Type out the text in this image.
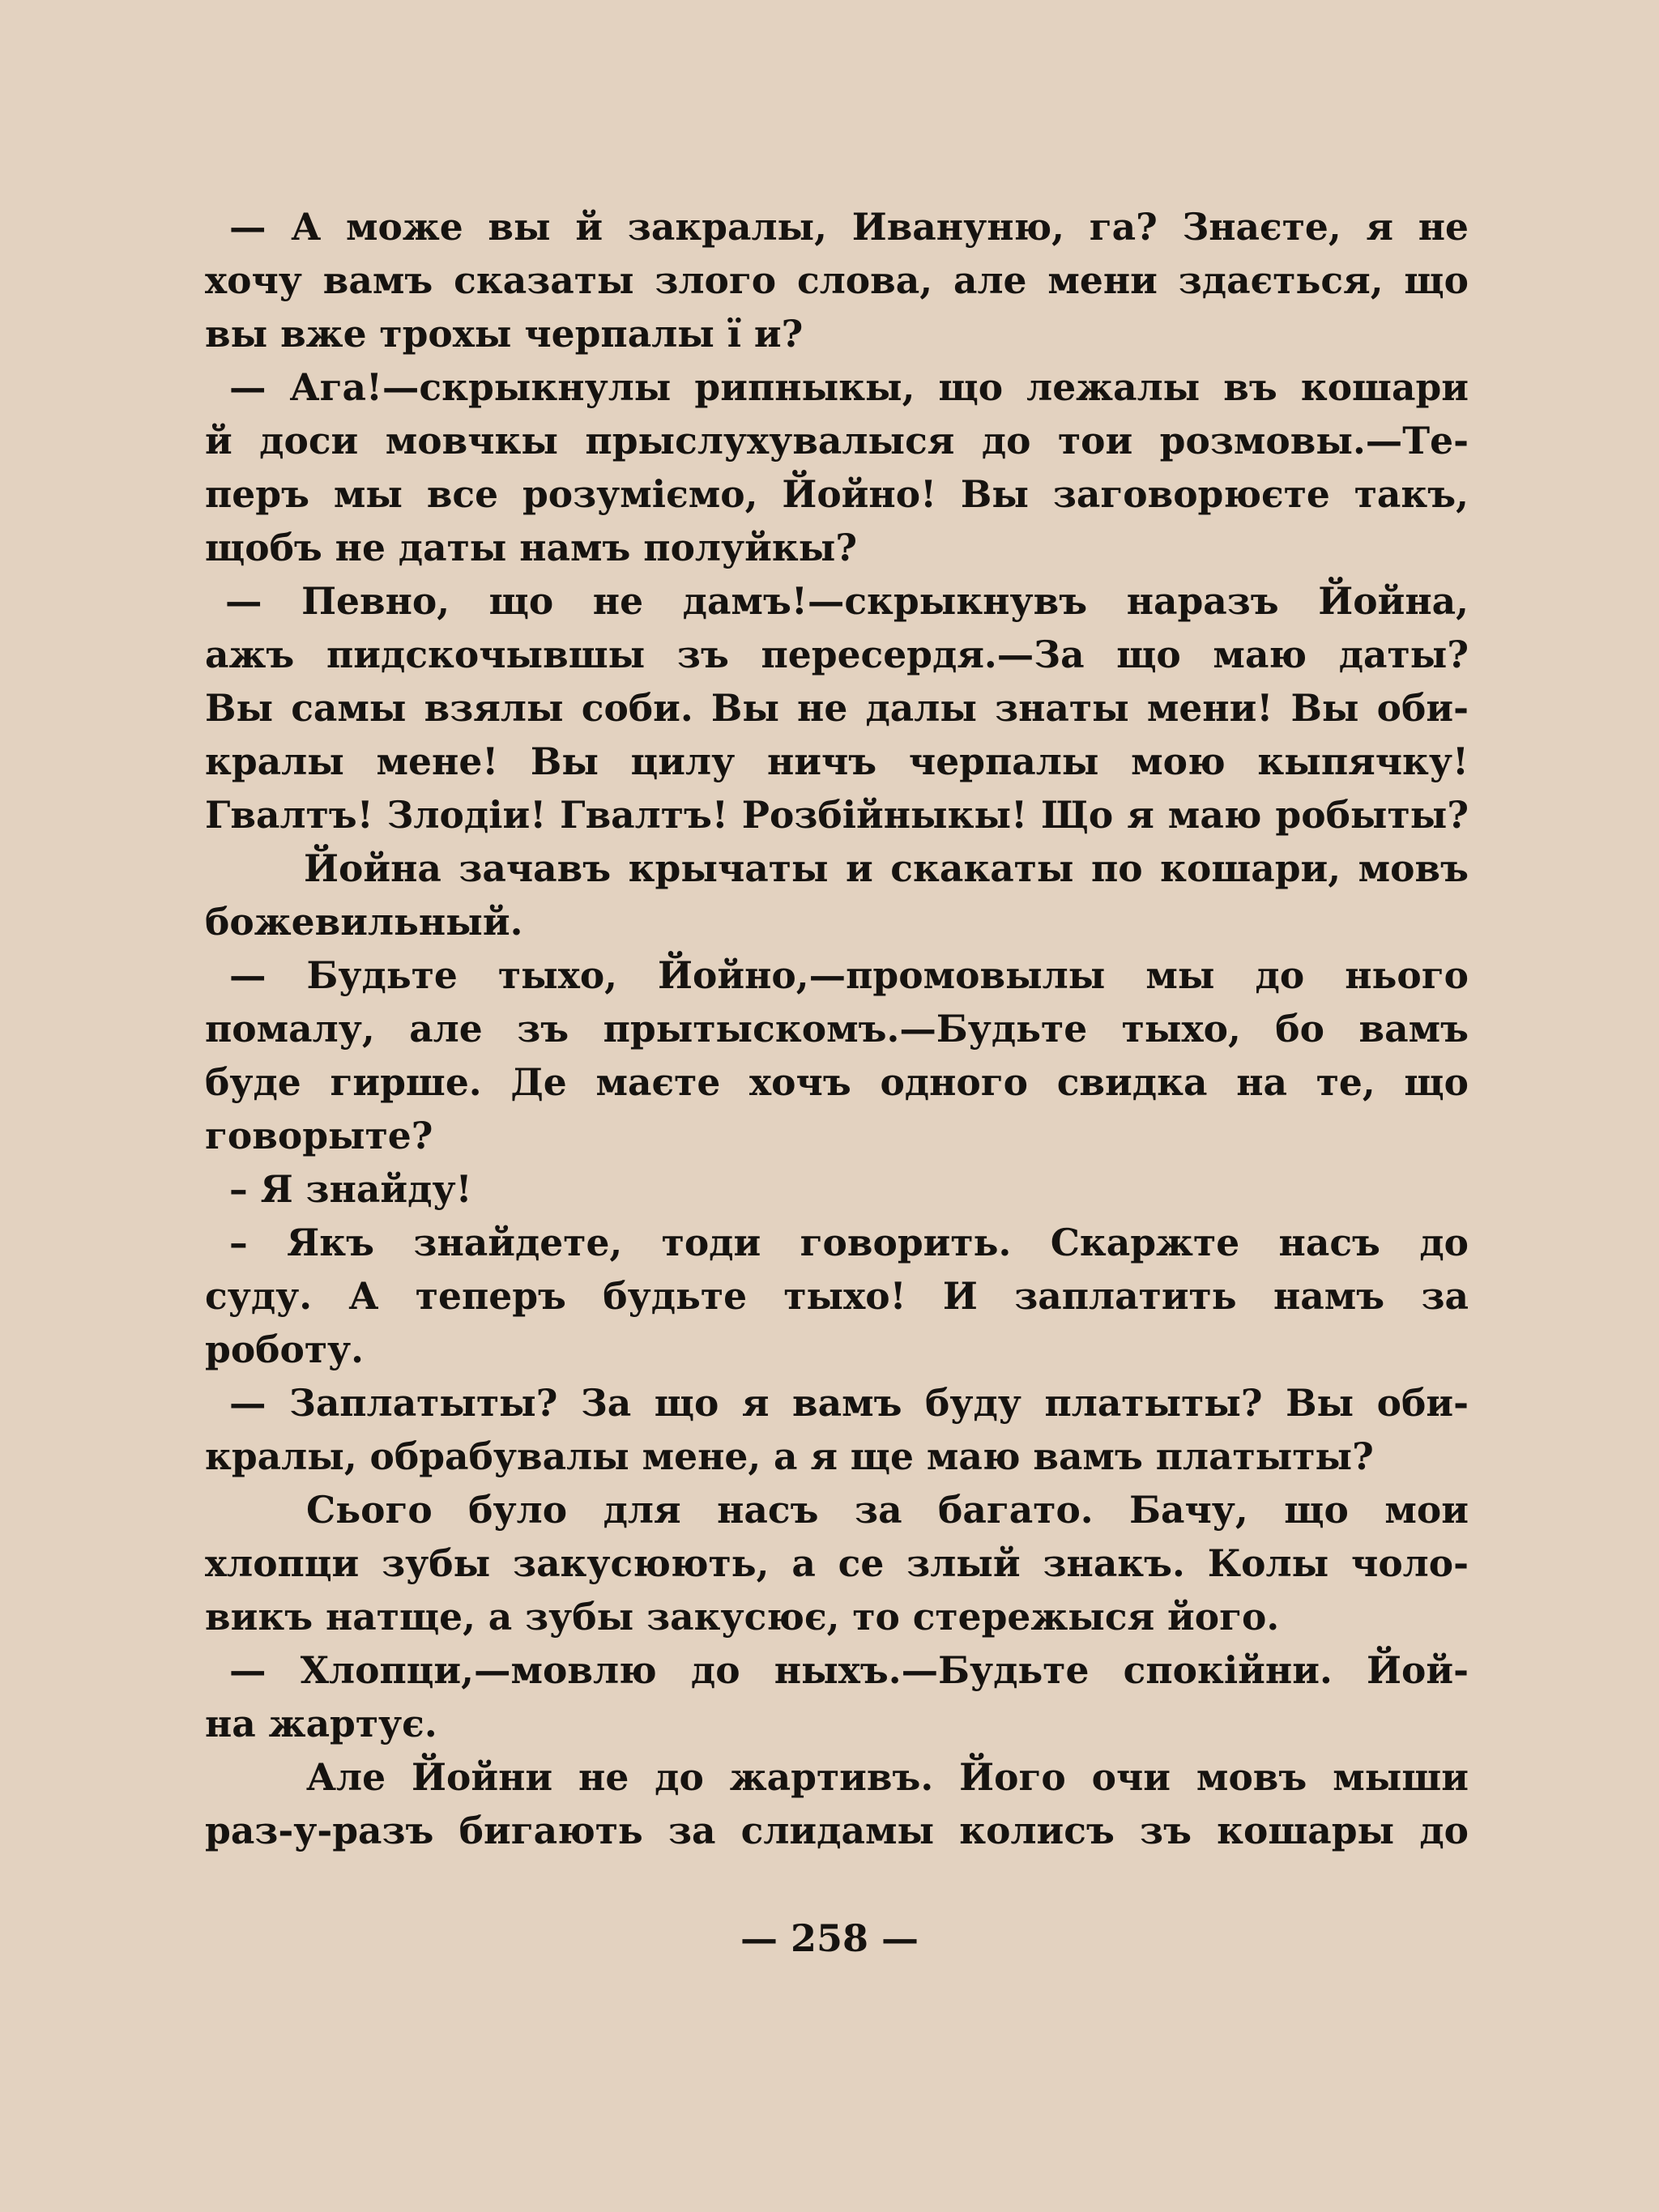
— А може вы й закралы, Ивануню, га? Знаєте, я не
хочу вамъ сказаты злого слова, але мени здається, що
вы вже трохы черпалы ї и?
— Ага!—скрыкнулы рипныкы, що лежалы въ кошари
й доси мовчкы прыслухувалыся до тои розмовы.—Те-
перъ мы все розуміємо, Йойно! Вы заговорюєте такъ,
щобъ не даты намъ полуйкы?
— Певно, що не дамъ!—скрыкнувъ наразъ Йойна,
ажъ пидскочывшы зъ пересердя.—За що маю даты?
Вы самы взялы соби. Вы не далы знаты мени! Вы оби-
кралы мене! Вы цилу ничъ черпалы мою кыпячку!
Гвалтъ! Злодіи! Гвалтъ! Розбійныкы! Що я маю робыты?
Йойна зачавъ крычаты и скакаты по кошари, мовъ
божевильный.
— Будьте тыхо, Йойно,—промовылы мы до нього
помалу, але зъ прытыскомъ.—Будьте тыхо, бо вамъ
буде гирше. Де маєте хочъ одного свидка на те, що
говорыте?
– Я знайду!
– Якъ знайдете, тоди говорить. Скаржте насъ до
суду. А теперъ будьте тыхо! И заплатить намъ за
роботу.
— Заплатыты? За що я вамъ буду платыты? Вы оби-
кралы, обрабувалы мене, а я ще маю вамъ платыты?
Сього було для насъ за багато. Бачу, що мои
хлопци зубы закусюють, а се злый знакъ. Колы чоло-
викъ натще, а зубы закусює, то стережыся його.
— Хлопци,—мовлю до ныхъ.—Будьте спокійни. Йой-
на жартує.
Але Йойни не до жартивъ. Його очи мовъ мыши
раз-у-разъ бигають за слидамы колисъ зъ кошары до
— 258 —
